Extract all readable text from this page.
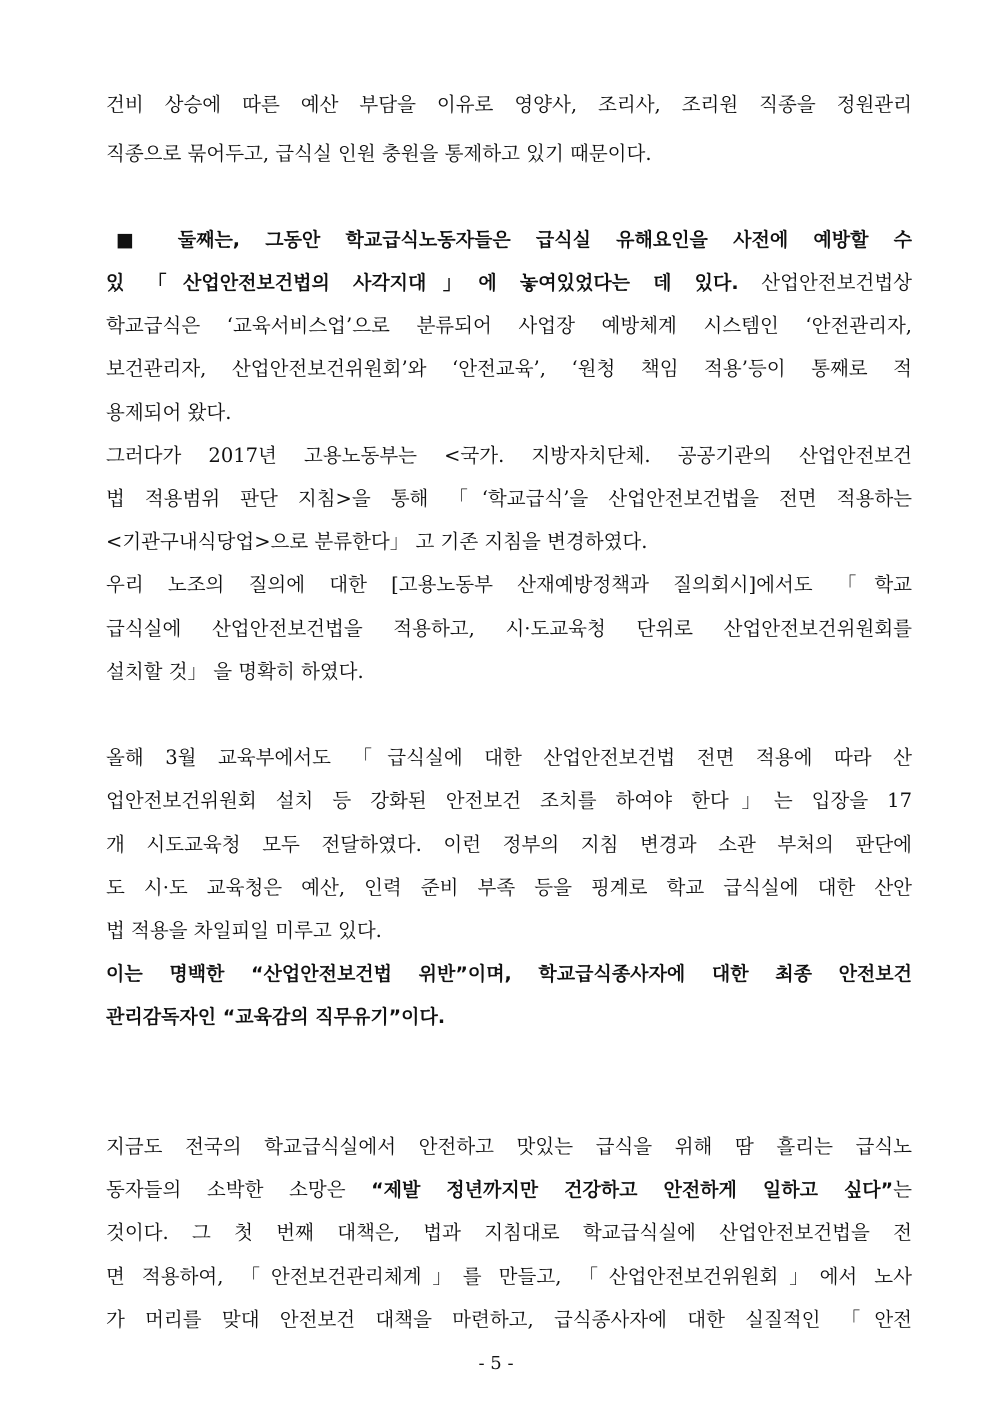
건비 상승에 따른 예산 부담을 이유로 영양사, 조리사, 조리원 직종을 정원관리

직종으로 묶어두고, 급식실 인원 충원을 통제하고 있기 때문이다.

■ 둘째는, 그동안 학교급식노동자들은 급식실 유해요인을 사전에 예방할 수

있 「산업안전보건법의 사각지대」에 놓여있었다는 데 있다. 산업안전보건법상

학교급식은 ‘교육서비스업’으로 분류되어 사업장 예방체계 시스템인 ‘안전관리자,

보건관리자, 산업안전보건위원회’와 ‘안전교육’, ‘원청 책임 적용’등이 통째로 적

용제되어 왔다.

그러다가 2017년 고용노동부는 <국가. 지방자치단체. 공공기관의 산업안전보건

법 적용범위 판단 지침>을 통해 「‘학교급식’을 산업안전보건법을 전면 적용하는

<기관구내식당업>으로 분류한다」 고 기존 지침을 변경하였다.

우리 노조의 질의에 대한 [고용노동부 산재예방정책과 질의회시]에서도 「학교

급식실에 산업안전보건법을 적용하고, 시·도교육청 단위로 산업안전보건위원회를

설치할 것」 을 명확히 하였다.

올해 3월 교육부에서도 「급식실에 대한 산업안전보건법 전면 적용에 따라 산

업안전보건위원회 설치 등 강화된 안전보건 조치를 하여야 한다」는 입장을 17

개 시도교육청 모두 전달하였다. 이런 정부의 지침 변경과 소관 부처의 판단에

도 시·도 교육청은 예산, 인력 준비 부족 등을 핑계로 학교 급식실에 대한 산안

법 적용을 차일피일 미루고 있다.

이는 명백한 “산업안전보건법 위반”이며, 학교급식종사자에 대한 최종 안전보건

관리감독자인 “교육감의 직무유기”이다.

지금도 전국의 학교급식실에서 안전하고 맛있는 급식을 위해 땀 흘리는 급식노

동자들의 소박한 소망은 “제발 정년까지만 건강하고 안전하게 일하고 싶다”는

것이다. 그 첫 번째 대책은, 법과 지침대로 학교급식실에 산업안전보건법을 전

면 적용하여, 「안전보건관리체계」를 만들고, 「산업안전보건위원회」에서 노사

가 머리를 맞대 안전보건 대책을 마련하고, 급식종사자에 대한 실질적인 「안전

- 5 -
